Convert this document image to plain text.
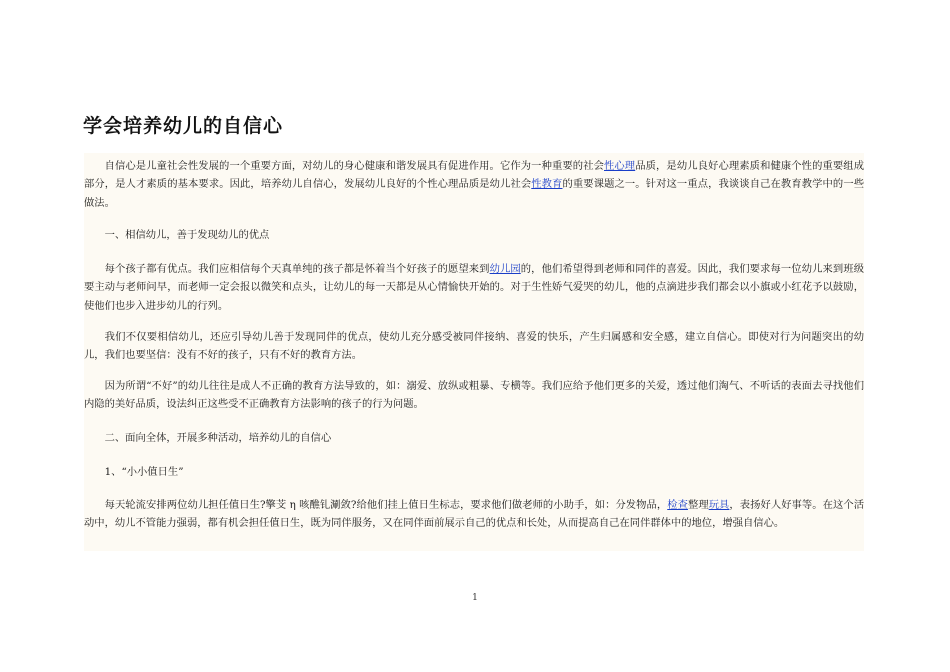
学会培养幼儿的自信心

自信心是儿童社会性发展的一个重要方面，对幼儿的身心健康和谐发展具有促进作用。它作为一种重要的社会性心理品质，是幼儿良好心理素质和健康个性的重要组成部分，是人才素质的基本要求。因此，培养幼儿自信心，发展幼儿良好的个性心理品质是幼儿社会性教育的重要课题之一。针对这一重点，我谈谈自己在教育教学中的一些做法。

一、相信幼儿，善于发现幼儿的优点

每个孩子都有优点。我们应相信每个天真单纯的孩子都是怀着当个好孩子的愿望来到幼儿园的，他们希望得到老师和同伴的喜爱。因此，我们要求每一位幼儿来到班级要主动与老师问早，而老师一定会报以微笑和点头，让幼儿的每一天都是从心情愉快开始的。对于生性娇气爱哭的幼儿，他的点滴进步我们都会以小旗或小红花予以鼓励，使他们也步入进步幼儿的行列。

我们不仅要相信幼儿，还应引导幼儿善于发现同伴的优点，使幼儿充分感受被同伴接纳、喜爱的快乐，产生归属感和安全感，建立自信心。即使对行为问题突出的幼儿，我们也要坚信：没有不好的孩子，只有不好的教育方法。

因为所谓“不好”的幼儿往往是成人不正确的教育方法导致的，如：溺爱、放纵或粗暴、专横等。我们应给予他们更多的关爱，透过他们淘气、不听话的表面去寻找他们内隐的美好品质，设法纠正这些受不正确教育方法影响的孩子的行为问题。

二、面向全体，开展多种活动，培养幼儿的自信心

1、“小小值日生”

每天轮流安排两位幼儿担任值日生?擎芠 η 咳醮钆涮敛?给他们挂上值日生标志，要求他们做老师的小助手，如：分发物品，检查整理玩具，表扬好人好事等。在这个活动中，幼儿不管能力强弱，都有机会担任值日生，既为同伴服务，又在同伴面前展示自己的优点和长处，从而提高自己在同伴群体中的地位，增强自信心。

1
